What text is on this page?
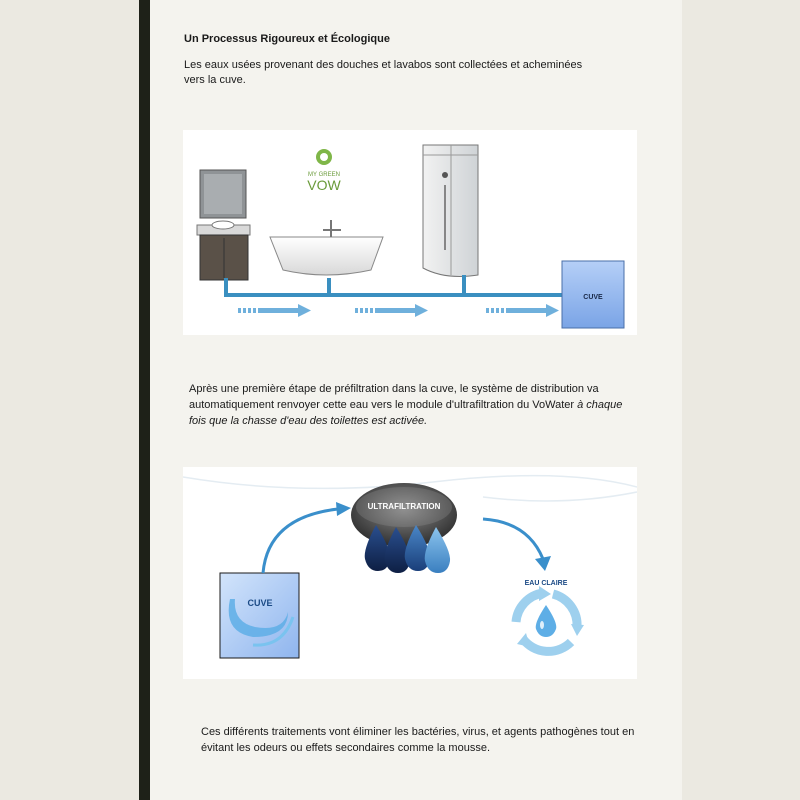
Un Processus Rigoureux et Écologique
Les eaux usées provenant des douches et lavabos sont collectées et acheminées vers la cuve.
MY GREEN
VOW
CUVE
Après une première étape de préfiltration dans la cuve, le système de distribution va automatiquement renvoyer cette eau vers le module d'ultrafiltration du VoWater à chaque fois que la chasse d'eau des toilettes est activée.
CUVE
ULTRAFILTRATION
EAU CLAIRE
Ces différents traitements vont éliminer les bactéries, virus, et agents pathogènes tout en évitant les odeurs ou effets secondaires comme la mousse.
